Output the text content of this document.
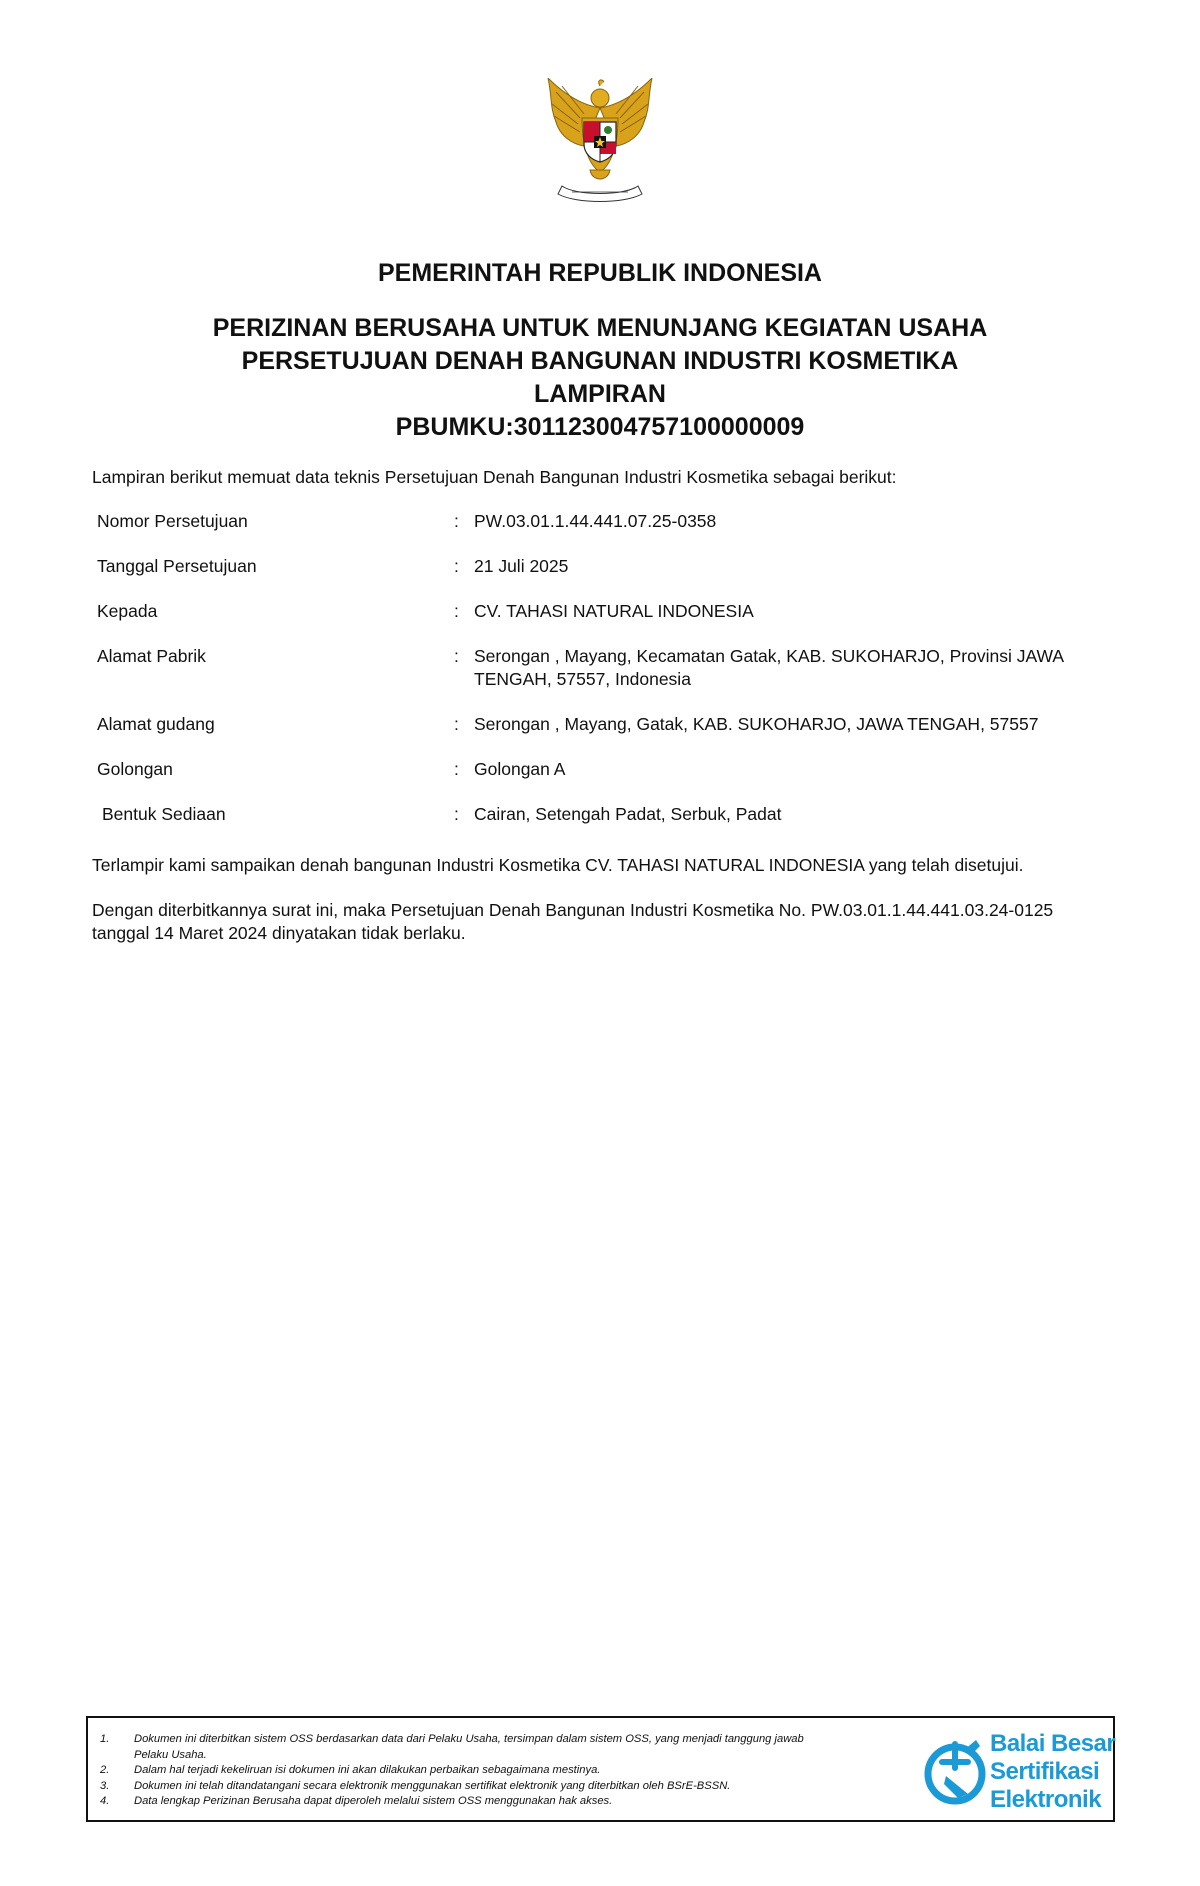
PEMERINTAH REPUBLIK INDONESIA
PERIZINAN BERUSAHA UNTUK MENUNJANG KEGIATAN USAHA
PERSETUJUAN DENAH BANGUNAN INDUSTRI KOSMETIKA
LAMPIRAN
PBUMKU:301123004757100000009

Lampiran berikut memuat data teknis Persetujuan Denah Bangunan Industri Kosmetika sebagai berikut:

Nomor Persetujuan	: PW.03.01.1.44.441.07.25-0358
Tanggal Persetujuan	: 21 Juli 2025
Kepada	: CV. TAHASI NATURAL INDONESIA
Alamat Pabrik	: Serongan , Mayang, Kecamatan Gatak, KAB. SUKOHARJO, Provinsi JAWA
TENGAH, 57557, Indonesia
Alamat gudang	: Serongan , Mayang, Gatak, KAB. SUKOHARJO, JAWA TENGAH, 57557
Golongan	: Golongan A
Bentuk Sediaan	: Cairan, Setengah Padat, Serbuk, Padat

Terlampir kami sampaikan denah bangunan Industri Kosmetika CV. TAHASI NATURAL INDONESIA yang telah disetujui.

Dengan diterbitkannya surat ini, maka Persetujuan Denah Bangunan Industri Kosmetika No. PW.03.01.1.44.441.03.24-0125

tanggal 14 Maret 2024 dinyatakan tidak berlaku.

1.	Dokumen ini diterbitkan sistem OSS berdasarkan data dari Pelaku Usaha, tersimpan dalam sistem OSS, yang menjadi tanggung jawab
Pelaku Usaha.
2.	Dalam hal terjadi kekeliruan isi dokumen ini akan dilakukan perbaikan sebagaimana mestinya.
3.	Dokumen ini telah ditandatangani secara elektronik menggunakan sertifikat elektronik yang diterbitkan oleh BSrE-BSSN.
4.	Data lengkap Perizinan Berusaha dapat diperoleh melalui sistem OSS menggunakan hak akses.
Balai Besar
Sertifikasi
Elektronik
